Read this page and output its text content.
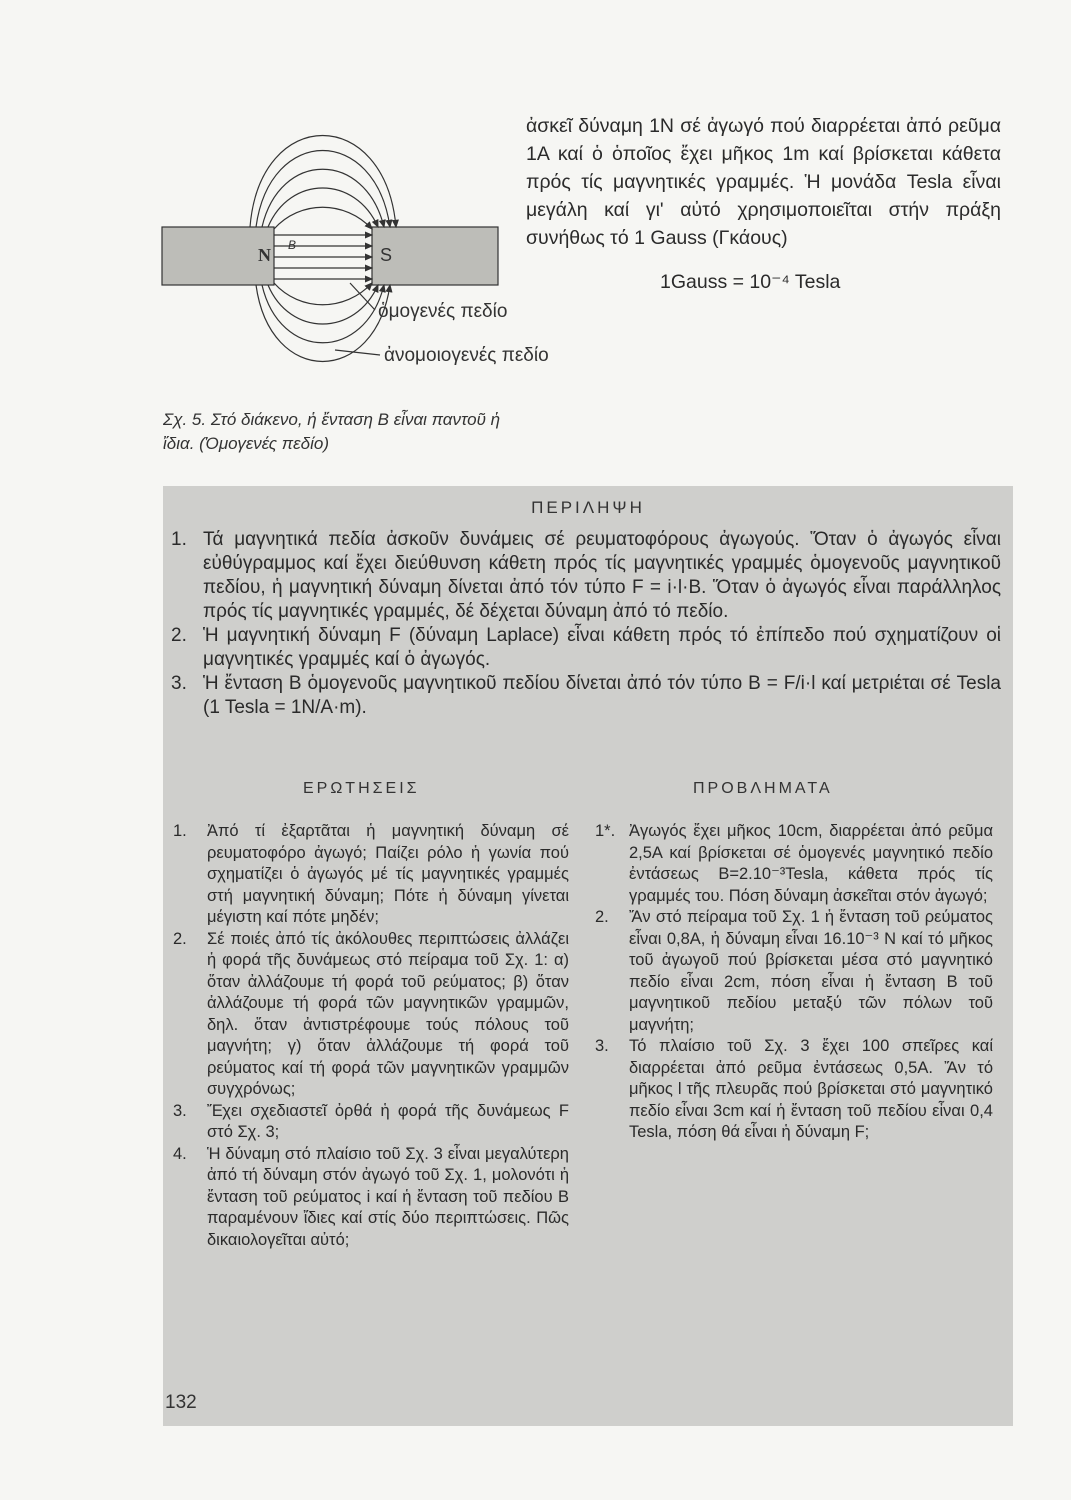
N	S
B
ὁμογενές πεδίο
ἀνομοιογενές πεδίο

ἀσκεῖ δύναμη 1N σέ ἀγωγό πού διαρρέεται ἀπό ρεῦμα 1A καί ὁ ὁποῖος ἔχει μῆκος 1m καί βρίσκεται κάθετα πρός τίς μαγνητικές γραμμές. Ἡ μονάδα Tesla εἶναι μεγάλη καί γι' αὐτό χρησιμοποιεῖται στήν πράξη συνήθως τό 1 Gauss (Γκάους)

1Gauss = 10⁻⁴ Tesla
Σχ. 5. Στό διάκενο, ἡ ἔνταση B εἶναι παντοῦ ἡ ἴδια. (Ὁμογενές πεδίο)
ΠΕΡΙΛΗΨΗ
1. Τά μαγνητικά πεδία ἀσκοῦν δυνάμεις σέ ρευματοφόρους ἀγωγούς. Ὅταν ὁ ἀγωγός εἶναι εὐθύγραμμος καί ἔχει διεύθυνση κάθετη πρός τίς μαγνητικές γραμμές ὁμογενοῦς μαγνητικοῦ πεδίου, ἡ μαγνητική δύναμη δίνεται ἀπό τόν τύπο F = i·l·B. Ὅταν ὁ ἀγωγός εἶναι παράλληλος πρός τίς μαγνητικές γραμμές, δέ δέχεται δύναμη ἀπό τό πεδίο.
2. Ἡ μαγνητική δύναμη F (δύναμη Laplace) εἶναι κάθετη πρός τό ἐπίπεδο πού σχηματίζουν οἱ μαγνητικές γραμμές καί ὁ ἀγωγός.
3. Ἡ ἔνταση B ὁμογενοῦς μαγνητικοῦ πεδίου δίνεται ἀπό τόν τύπο B = F/i·l καί μετριέται σέ Tesla (1 Tesla = 1N/A·m).
ΕΡΩΤΗΣΕΙΣ	ΠΡΟΒΛΗΜΑΤΑ
1. Ἀπό τί ἐξαρτᾶται ἡ μαγνητική δύναμη σέ ρευματοφόρο ἀγωγό; Παίζει ρόλο ἡ γωνία πού σχηματίζει ὁ ἀγωγός μέ τίς μαγνητικές γραμμές στή μαγνητική δύναμη; Πότε ἡ δύναμη γίνεται μέγιστη καί πότε μηδέν;
2. Σέ ποιές ἀπό τίς ἀκόλουθες περιπτώσεις ἀλλάζει ἡ φορά τῆς δυνάμεως στό πείραμα τοῦ Σχ. 1: α) ὅταν ἀλλάζουμε τή φορά τοῦ ρεύματος; β) ὅταν ἀλλάζουμε τή φορά τῶν μαγνητικῶν γραμμῶν, δηλ. ὅταν ἀντιστρέφουμε τούς πόλους τοῦ μαγνήτη; γ) ὅταν ἀλλάζουμε τή φορά τοῦ ρεύματος καί τή φορά τῶν μαγνητικῶν γραμμῶν συγχρόνως;
3. Ἔχει σχεδιαστεῖ ὀρθά ἡ φορά τῆς δυνάμεως F στό Σχ. 3;
4. Ἡ δύναμη στό πλαίσιο τοῦ Σχ. 3 εἶναι μεγαλύτερη ἀπό τή δύναμη στόν ἀγωγό τοῦ Σχ. 1, μολονότι ἡ ἔνταση τοῦ ρεύματος i καί ἡ ἔνταση τοῦ πεδίου B παραμένουν ἴδιες καί στίς δύο περιπτώσεις. Πῶς δικαιολογεῖται αὐτό;
1*. Ἀγωγός ἔχει μῆκος 10cm, διαρρέεται ἀπό ρεῦμα 2,5A καί βρίσκεται σέ ὁμογενές μαγνητικό πεδίο ἐντάσεως B=2.10⁻³Tesla, κάθετα πρός τίς γραμμές του. Πόση δύναμη ἀσκεῖται στόν ἀγωγό;
2. Ἄν στό πείραμα τοῦ Σχ. 1 ἡ ἔνταση τοῦ ρεύματος εἶναι 0,8A, ἡ δύναμη εἶναι 16.10⁻³ N καί τό μῆκος τοῦ ἀγωγοῦ πού βρίσκεται μέσα στό μαγνητικό πεδίο εἶναι 2cm, πόση εἶναι ἡ ἔνταση B τοῦ μαγνητικοῦ πεδίου μεταξύ τῶν πόλων τοῦ μαγνήτη;
3. Τό πλαίσιο τοῦ Σχ. 3 ἔχει 100 σπεῖρες καί διαρρέεται ἀπό ρεῦμα ἐντάσεως 0,5A. Ἄν τό μῆκος l τῆς πλευρᾶς πού βρίσκεται στό μαγνητικό πεδίο εἶναι 3cm καί ἡ ἔνταση τοῦ πεδίου εἶναι 0,4 Tesla, πόση θά εἶναι ἡ δύναμη F;
132
